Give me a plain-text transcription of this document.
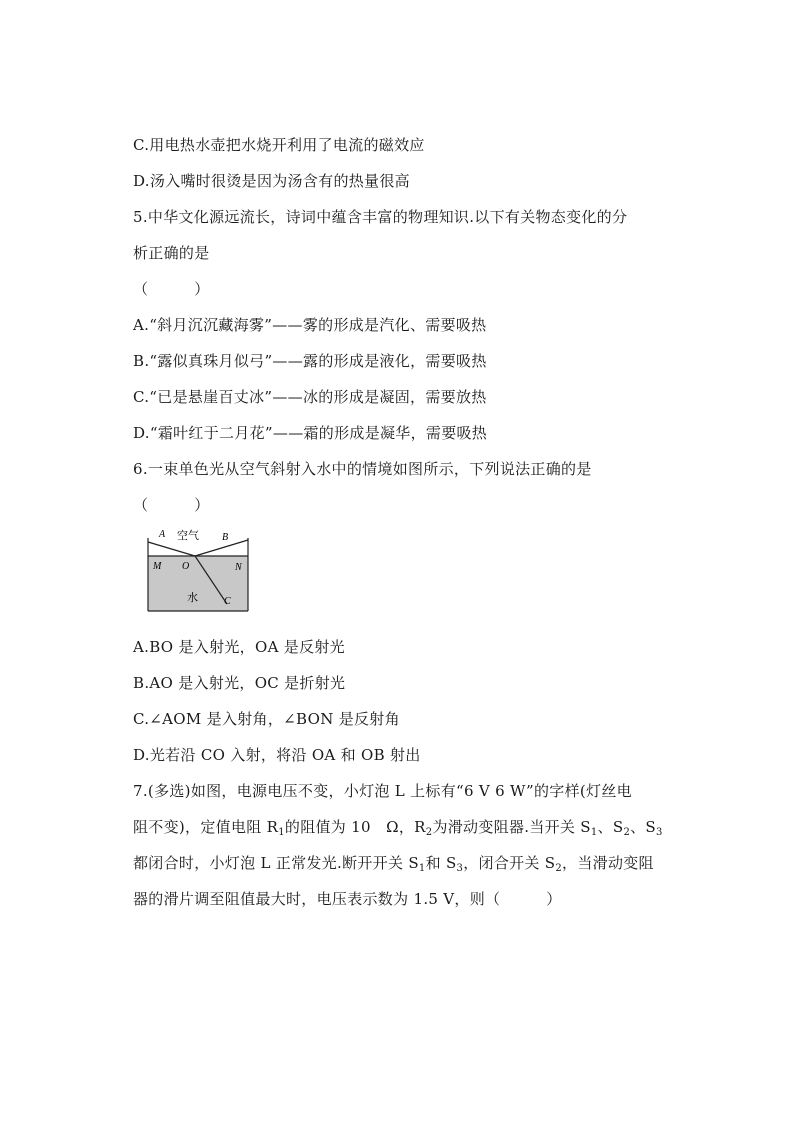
C.用电热水壶把水烧开利用了电流的磁效应
D.汤入嘴时很烫是因为汤含有的热量很高
5.中华文化源远流长，诗词中蕴含丰富的物理知识.以下有关物态变化的分
析正确的是
（　　　）
A.“斜月沉沉藏海雾”——雾的形成是汽化、需要吸热
B.“露似真珠月似弓”——露的形成是液化，需要吸热
C.“已是悬崖百丈冰”——冰的形成是凝固，需要放热
D.“霜叶红于二月花”——霜的形成是凝华，需要吸热
6.一束单色光从空气斜射入水中的情境如图所示，下列说法正确的是
（　　　）
A 空气 B
M O	N
水	C
A.BO 是入射光，OA 是反射光
B.AO 是入射光，OC 是折射光
C.∠AOM 是入射角，∠BON 是反射角
D.光若沿 CO 入射，将沿 OA 和 OB 射出
7.(多选)如图，电源电压不变，小灯泡 L 上标有“6 V 6 W”的字样(灯丝电
阻不变)，定值电阻 $R_1$的阻值为 10　Ω，$R_2$为滑动变阻器.当开关 $S_1$、$S_2$、$S_3$
都闭合时，小灯泡 L 正常发光.断开开关 $S_1$和 $S_3$，闭合开关 $S_2$，当滑动变阻
器的滑片调至阻值最大时，电压表示数为 1.5 V，则（　　　）
